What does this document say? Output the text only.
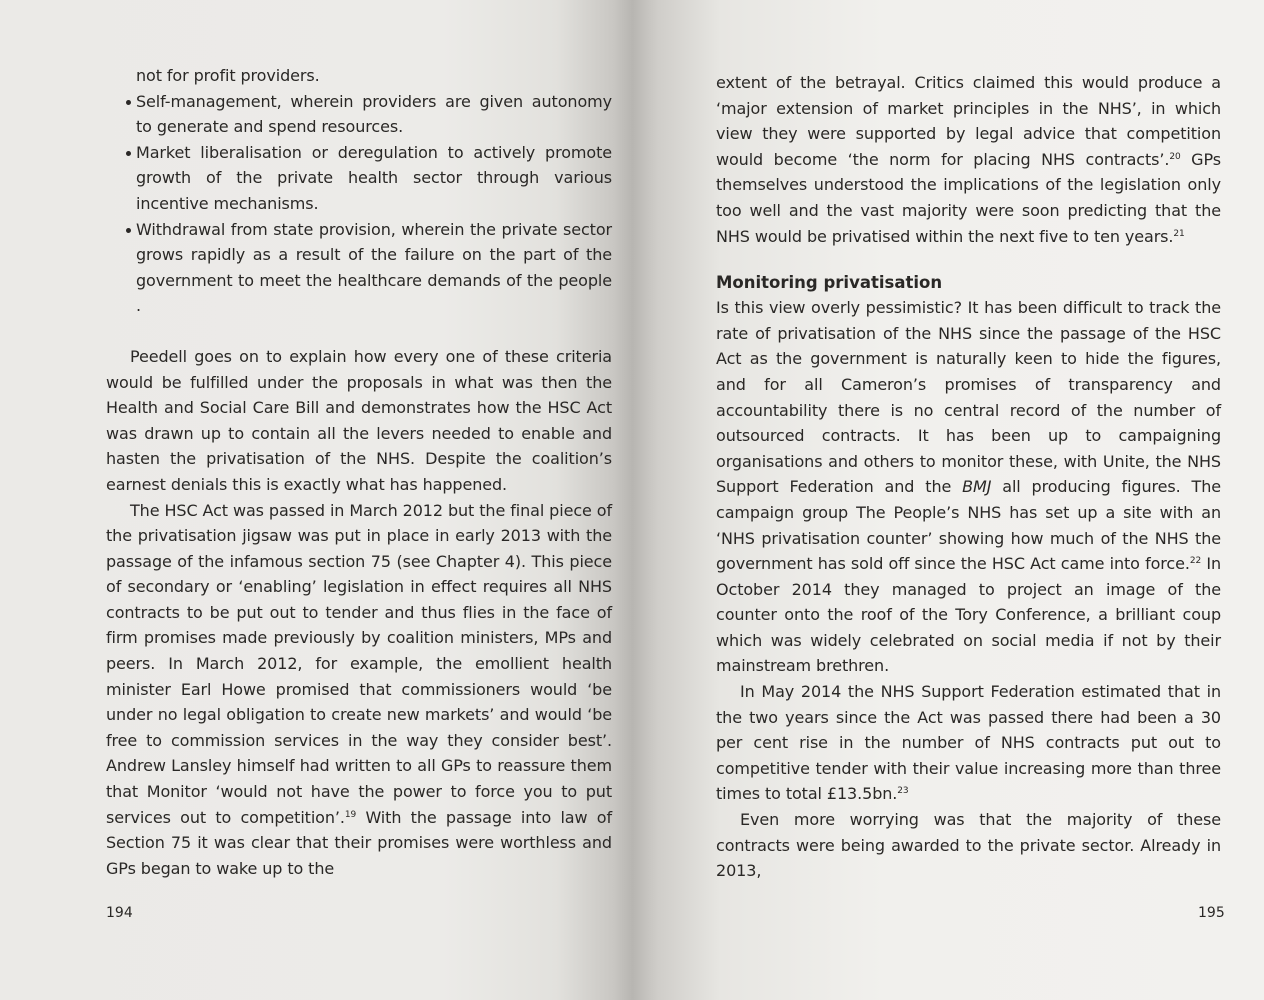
not for profit providers.
Self-management, wherein providers are given autonomy to generate and spend resources.
Market liberalisation or deregulation to actively promote growth of the private health sector through various incentive mechanisms.
Withdrawal from state provision, wherein the private sector grows rapidly as a result of the failure on the part of the government to meet the healthcare demands of the people .

Peedell goes on to explain how every one of these criteria would be fulfilled under the proposals in what was then the Health and Social Care Bill and demonstrates how the HSC Act was drawn up to contain all the levers needed to enable and hasten the privatisation of the NHS. Despite the coalition’s earnest denials this is exactly what has happened.

The HSC Act was passed in March 2012 but the final piece of the privatisation jigsaw was put in place in early 2013 with the passage of the infamous section 75 (see Chapter 4). This piece of secondary or ‘enabling’ legislation in effect requires all NHS contracts to be put out to tender and thus flies in the face of firm promises made previously by coalition ministers, MPs and peers. In March 2012, for example, the emollient health minister Earl Howe promised that commissioners would ‘be under no legal obligation to create new markets’ and would ‘be free to commission services in the way they consider best’. Andrew Lansley himself had written to all GPs to reassure them that Monitor ‘would not have the power to force you to put services out to competition’.$^{19}$ With the passage into law of Section 75 it was clear that their promises were worthless and GPs began to wake up to the

194

extent of the betrayal. Critics claimed this would produce a ‘major extension of market principles in the NHS’, in which view they were supported by legal advice that competition would become ‘the norm for placing NHS contracts’.$^{20}$ GPs themselves understood the implications of the legislation only too well and the vast majority were soon predicting that the NHS would be privatised within the next five to ten years.$^{21}$

Monitoring privatisation

Is this view overly pessimistic? It has been difficult to track the rate of privatisation of the NHS since the passage of the HSC Act as the government is naturally keen to hide the figures, and for all Cameron’s promises of transparency and accountability there is no central record of the number of outsourced contracts. It has been up to campaigning organisations and others to monitor these, with Unite, the NHS Support Federation and the BMJ all producing figures. The campaign group The People’s NHS has set up a site with an ‘NHS privatisation counter’ showing how much of the NHS the government has sold off since the HSC Act came into force.$^{22}$ In October 2014 they managed to project an image of the counter onto the roof of the Tory Conference, a brilliant coup which was widely celebrated on social media if not by their mainstream brethren.

In May 2014 the NHS Support Federation estimated that in the two years since the Act was passed there had been a 30 per cent rise in the number of NHS contracts put out to competitive tender with their value increasing more than three times to total £13.5bn.$^{23}$

Even more worrying was that the majority of these contracts were being awarded to the private sector. Already in 2013,

195
